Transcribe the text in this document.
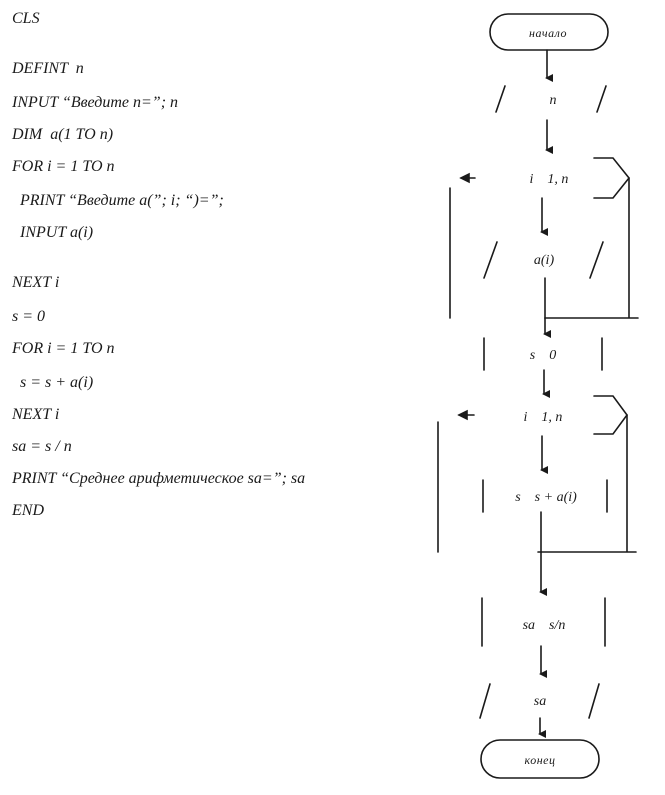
CLS
DEFINT  n
INPUT “Введите n=”; n
DIM  a(1 TO n)
FOR i = 1 TO n
PRINT “Введите a(”; i; “)=”;
INPUT a(i)
NEXT i
s = 0
FOR i = 1 TO n
s = s + a(i)
NEXT i
sa = s / n
PRINT “Среднее арифметическое sa=”; sa
END
начало
n
i    1, n
a(i)
s    0
i    1, n
s    s + a(i)
sa    s/n
sa
конец
